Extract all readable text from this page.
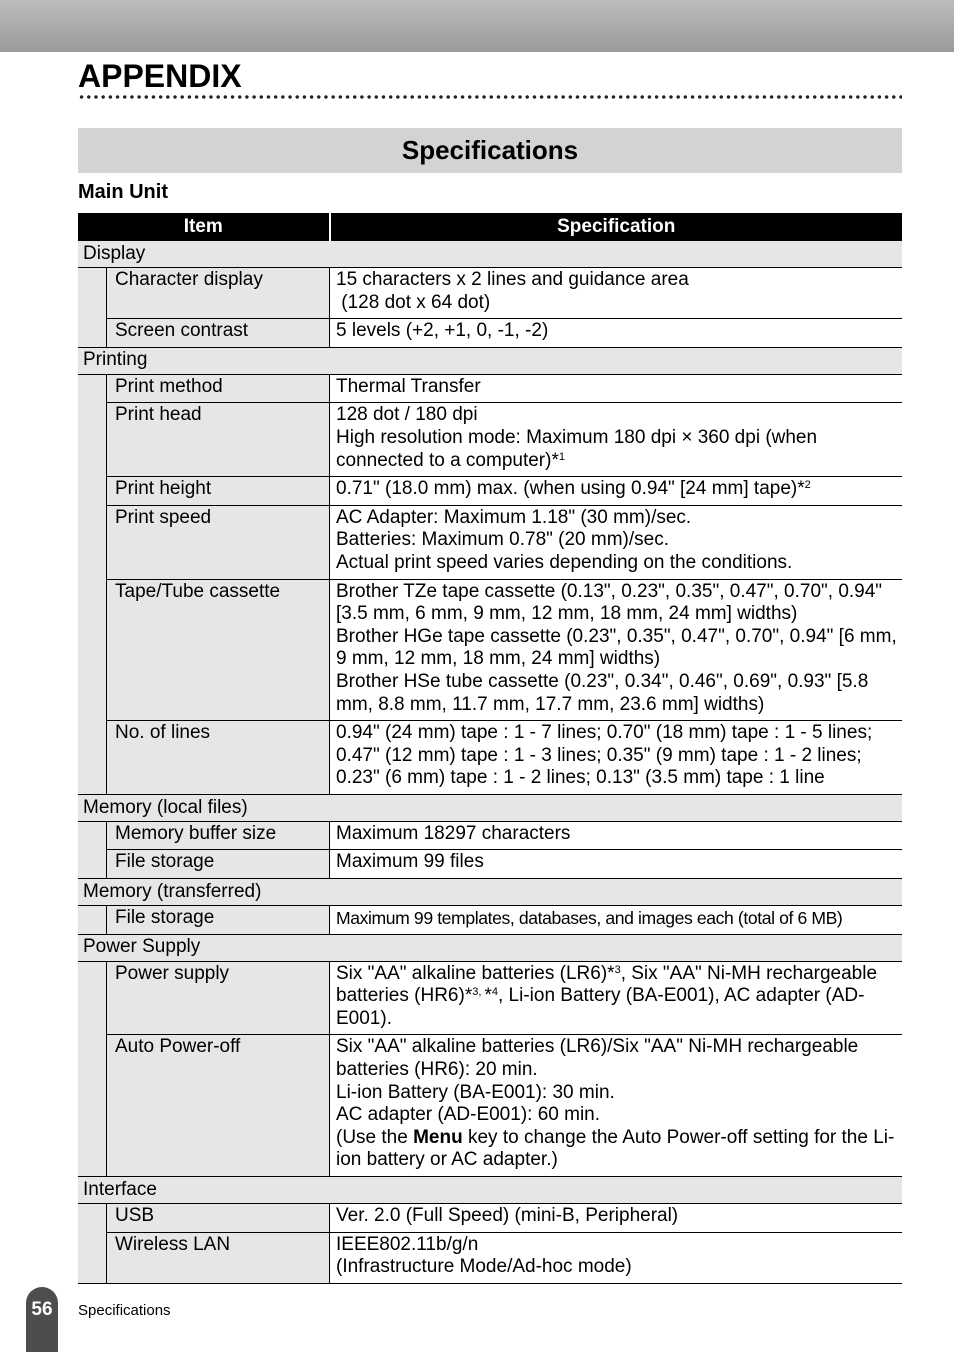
APPENDIX
Specifications
Main Unit
Item		Specification
Display		
	Character display	15 characters x 2 lines and guidance area
(128 dot x 64 dot)
	Screen contrast	5 levels (+2, +1, 0, -1, -2)
Printing		
	Print method	Thermal Transfer
	Print head	128 dot / 180 dpi
High resolution mode: Maximum 180 dpi × 360 dpi (when connected to a computer)*$^1$
	Print height	0.71" (18.0 mm) max. (when using 0.94" [24 mm] tape)*$^2$
	Print speed	AC Adapter: Maximum 1.18" (30 mm)/sec.
Batteries: Maximum 0.78" (20 mm)/sec.
Actual print speed varies depending on the conditions.
	Tape/Tube cassette	Brother TZe tape cassette (0.13", 0.23", 0.35", 0.47", 0.70", 0.94" [3.5 mm, 6 mm, 9 mm, 12 mm, 18 mm, 24 mm] widths)
Brother HGe tape cassette (0.23", 0.35", 0.47", 0.70", 0.94" [6 mm, 9 mm, 12 mm, 18 mm, 24 mm] widths)
Brother HSe tube cassette (0.23", 0.34", 0.46", 0.69", 0.93" [5.8 mm, 8.8 mm, 11.7 mm, 17.7 mm, 23.6 mm] widths)
	No. of lines	0.94" (24 mm) tape : 1 - 7 lines; 0.70" (18 mm) tape : 1 - 5 lines;
0.47" (12 mm) tape : 1 - 3 lines; 0.35" (9 mm) tape : 1 - 2 lines;
0.23" (6 mm) tape : 1 - 2 lines; 0.13" (3.5 mm) tape : 1 line
Memory (local files)		
	Memory buffer size	Maximum 18297 characters
	File storage	Maximum 99 files
Memory (transferred)		
	File storage	Maximum 99 templates, databases, and images each (total of 6 MB)
Power Supply		
	Power supply	Six "AA" alkaline batteries (LR6)*$^3$, Six "AA" Ni-MH rechargeable batteries (HR6)*$^{3,}$ *$^4$, Li-ion Battery (BA-E001), AC adapter (AD-E001).
	Auto Power-off	Six "AA" alkaline batteries (LR6)/Six "AA" Ni-MH rechargeable batteries (HR6): 20 min.
Li-ion Battery (BA-E001): 30 min.
AC adapter (AD-E001): 60 min.
(Use the Menu key to change the Auto Power-off setting for the Li-ion battery or AC adapter.)
Interface		
	USB	Ver. 2.0 (Full Speed) (mini-B, Peripheral)
	Wireless LAN	IEEE802.11b/g/n
(Infrastructure Mode/Ad-hoc mode)
56	Specifications
